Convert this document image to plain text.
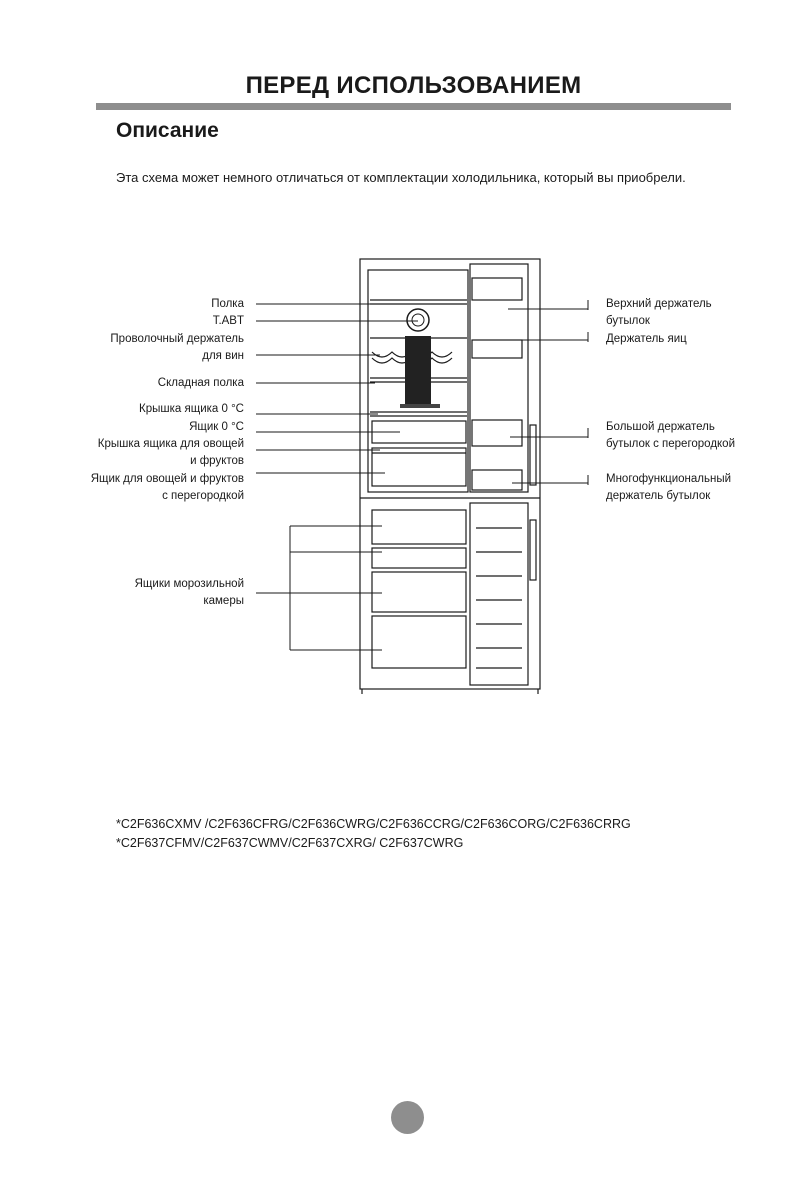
ПЕРЕД ИСПОЛЬЗОВАНИЕМ
Описание
Эта схема может немного отличаться от комплектации холодильника, который вы приобрели.
Полка
T.ABT
Проволочный держатель
для вин
Складная полка
Крышка ящика 0 °C
Ящик 0 °C
Крышка ящика для овощей
и фруктов
Ящик для овощей и фруктов
с перегородкой
Ящики морозильной
камеры
Верхний держатель
бутылок
Держатель яиц
Большой держатель
бутылок с перегородкой
Многофункциональный
держатель бутылок
*C2F636CXMV /C2F636CFRG/C2F636CWRG/C2F636CCRG/C2F636CORG/C2F636CRRG
*C2F637CFMV/C2F637CWMV/C2F637CXRG/ C2F637CWRG
